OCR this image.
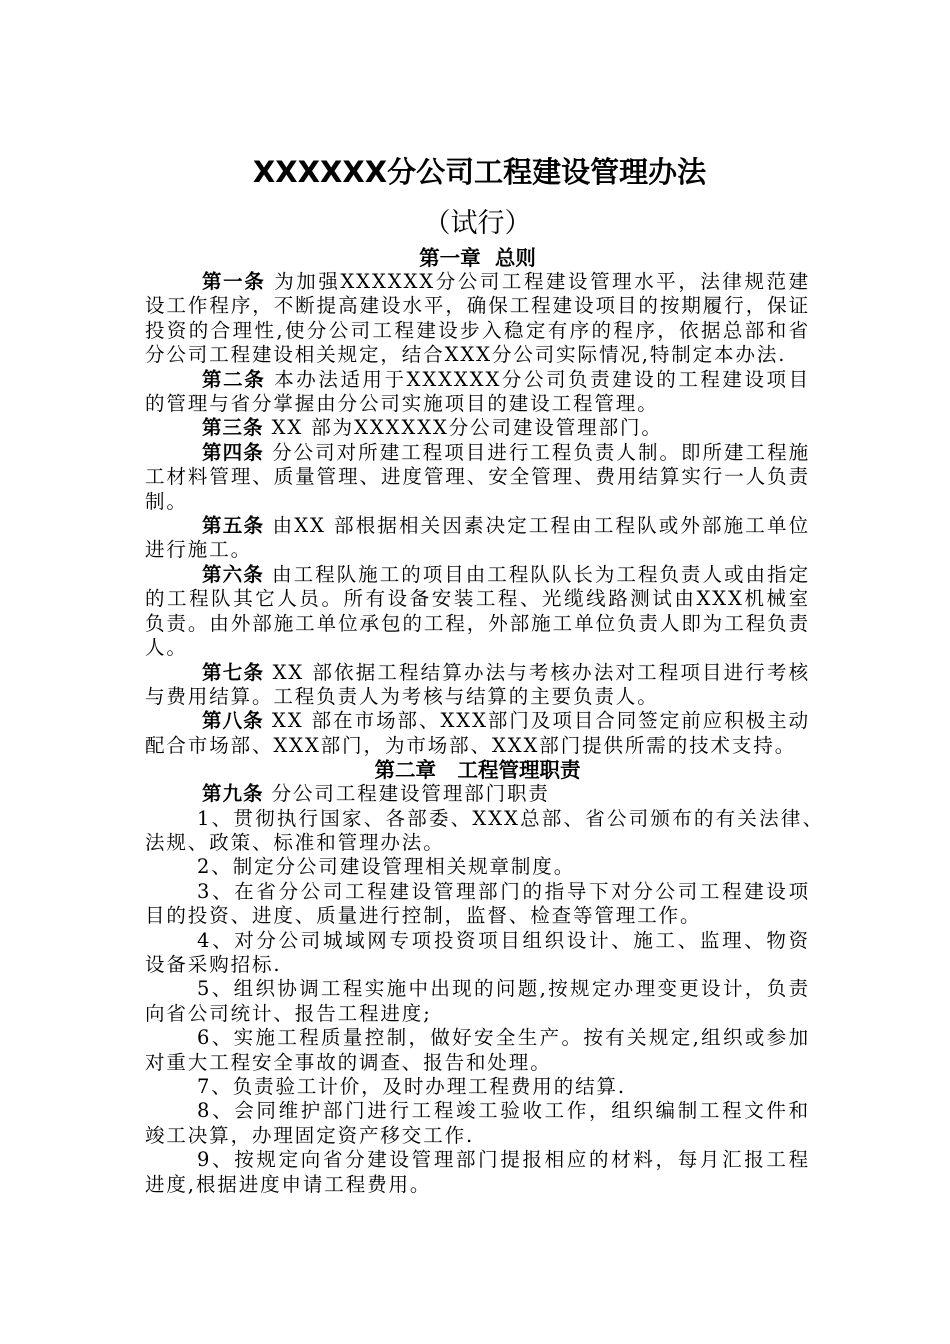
XXXXXX分公司工程建设管理办法
（试行）
第一章  总则

第一条 为加强XXXXXX分公司工程建设管理水平，法律规范建设工作程序，不断提高建设水平，确保工程建设项目的按期履行，保证投资的合理性,使分公司工程建设步入稳定有序的程序，依据总部和省分公司工程建设相关规定，结合XXX分公司实际情况,特制定本办法.

第二条 本办法适用于XXXXXX分公司负责建设的工程建设项目的管理与省分掌握由分公司实施项目的建设工程管理。

第三条 XX 部为XXXXXX分公司建设管理部门。

第四条 分公司对所建工程项目进行工程负责人制。即所建工程施工材料管理、质量管理、进度管理、安全管理、费用结算实行一人负责制。

第五条 由XX 部根据相关因素决定工程由工程队或外部施工单位进行施工。

第六条 由工程队施工的项目由工程队队长为工程负责人或由指定的工程队其它人员。所有设备安装工程、光缆线路测试由XXX机械室负责。由外部施工单位承包的工程，外部施工单位负责人即为工程负责人。

第七条 XX 部依据工程结算办法与考核办法对工程项目进行考核与费用结算。工程负责人为考核与结算的主要负责人。

第八条 XX 部在市场部、XXX部门及项目合同签定前应积极主动配合市场部、XXX部门，为市场部、XXX部门提供所需的技术支持。

第二章   工程管理职责

第九条 分公司工程建设管理部门职责

1、贯彻执行国家、各部委、XXX总部、省公司颁布的有关法律、法规、政策、标准和管理办法。

2、制定分公司建设管理相关规章制度。

3、在省分公司工程建设管理部门的指导下对分公司工程建设项目的投资、进度、质量进行控制，监督、检查等管理工作。

4、对分公司城域网专项投资项目组织设计、施工、监理、物资设备采购招标.

5、组织协调工程实施中出现的问题,按规定办理变更设计，负责向省公司统计、报告工程进度;

6、实施工程质量控制，做好安全生产。按有关规定,组织或参加对重大工程安全事故的调查、报告和处理。

7、负责验工计价，及时办理工程费用的结算.

8、会同维护部门进行工程竣工验收工作，组织编制工程文件和竣工决算，办理固定资产移交工作.

9、按规定向省分建设管理部门提报相应的材料，每月汇报工程进度,根据进度申请工程费用。
